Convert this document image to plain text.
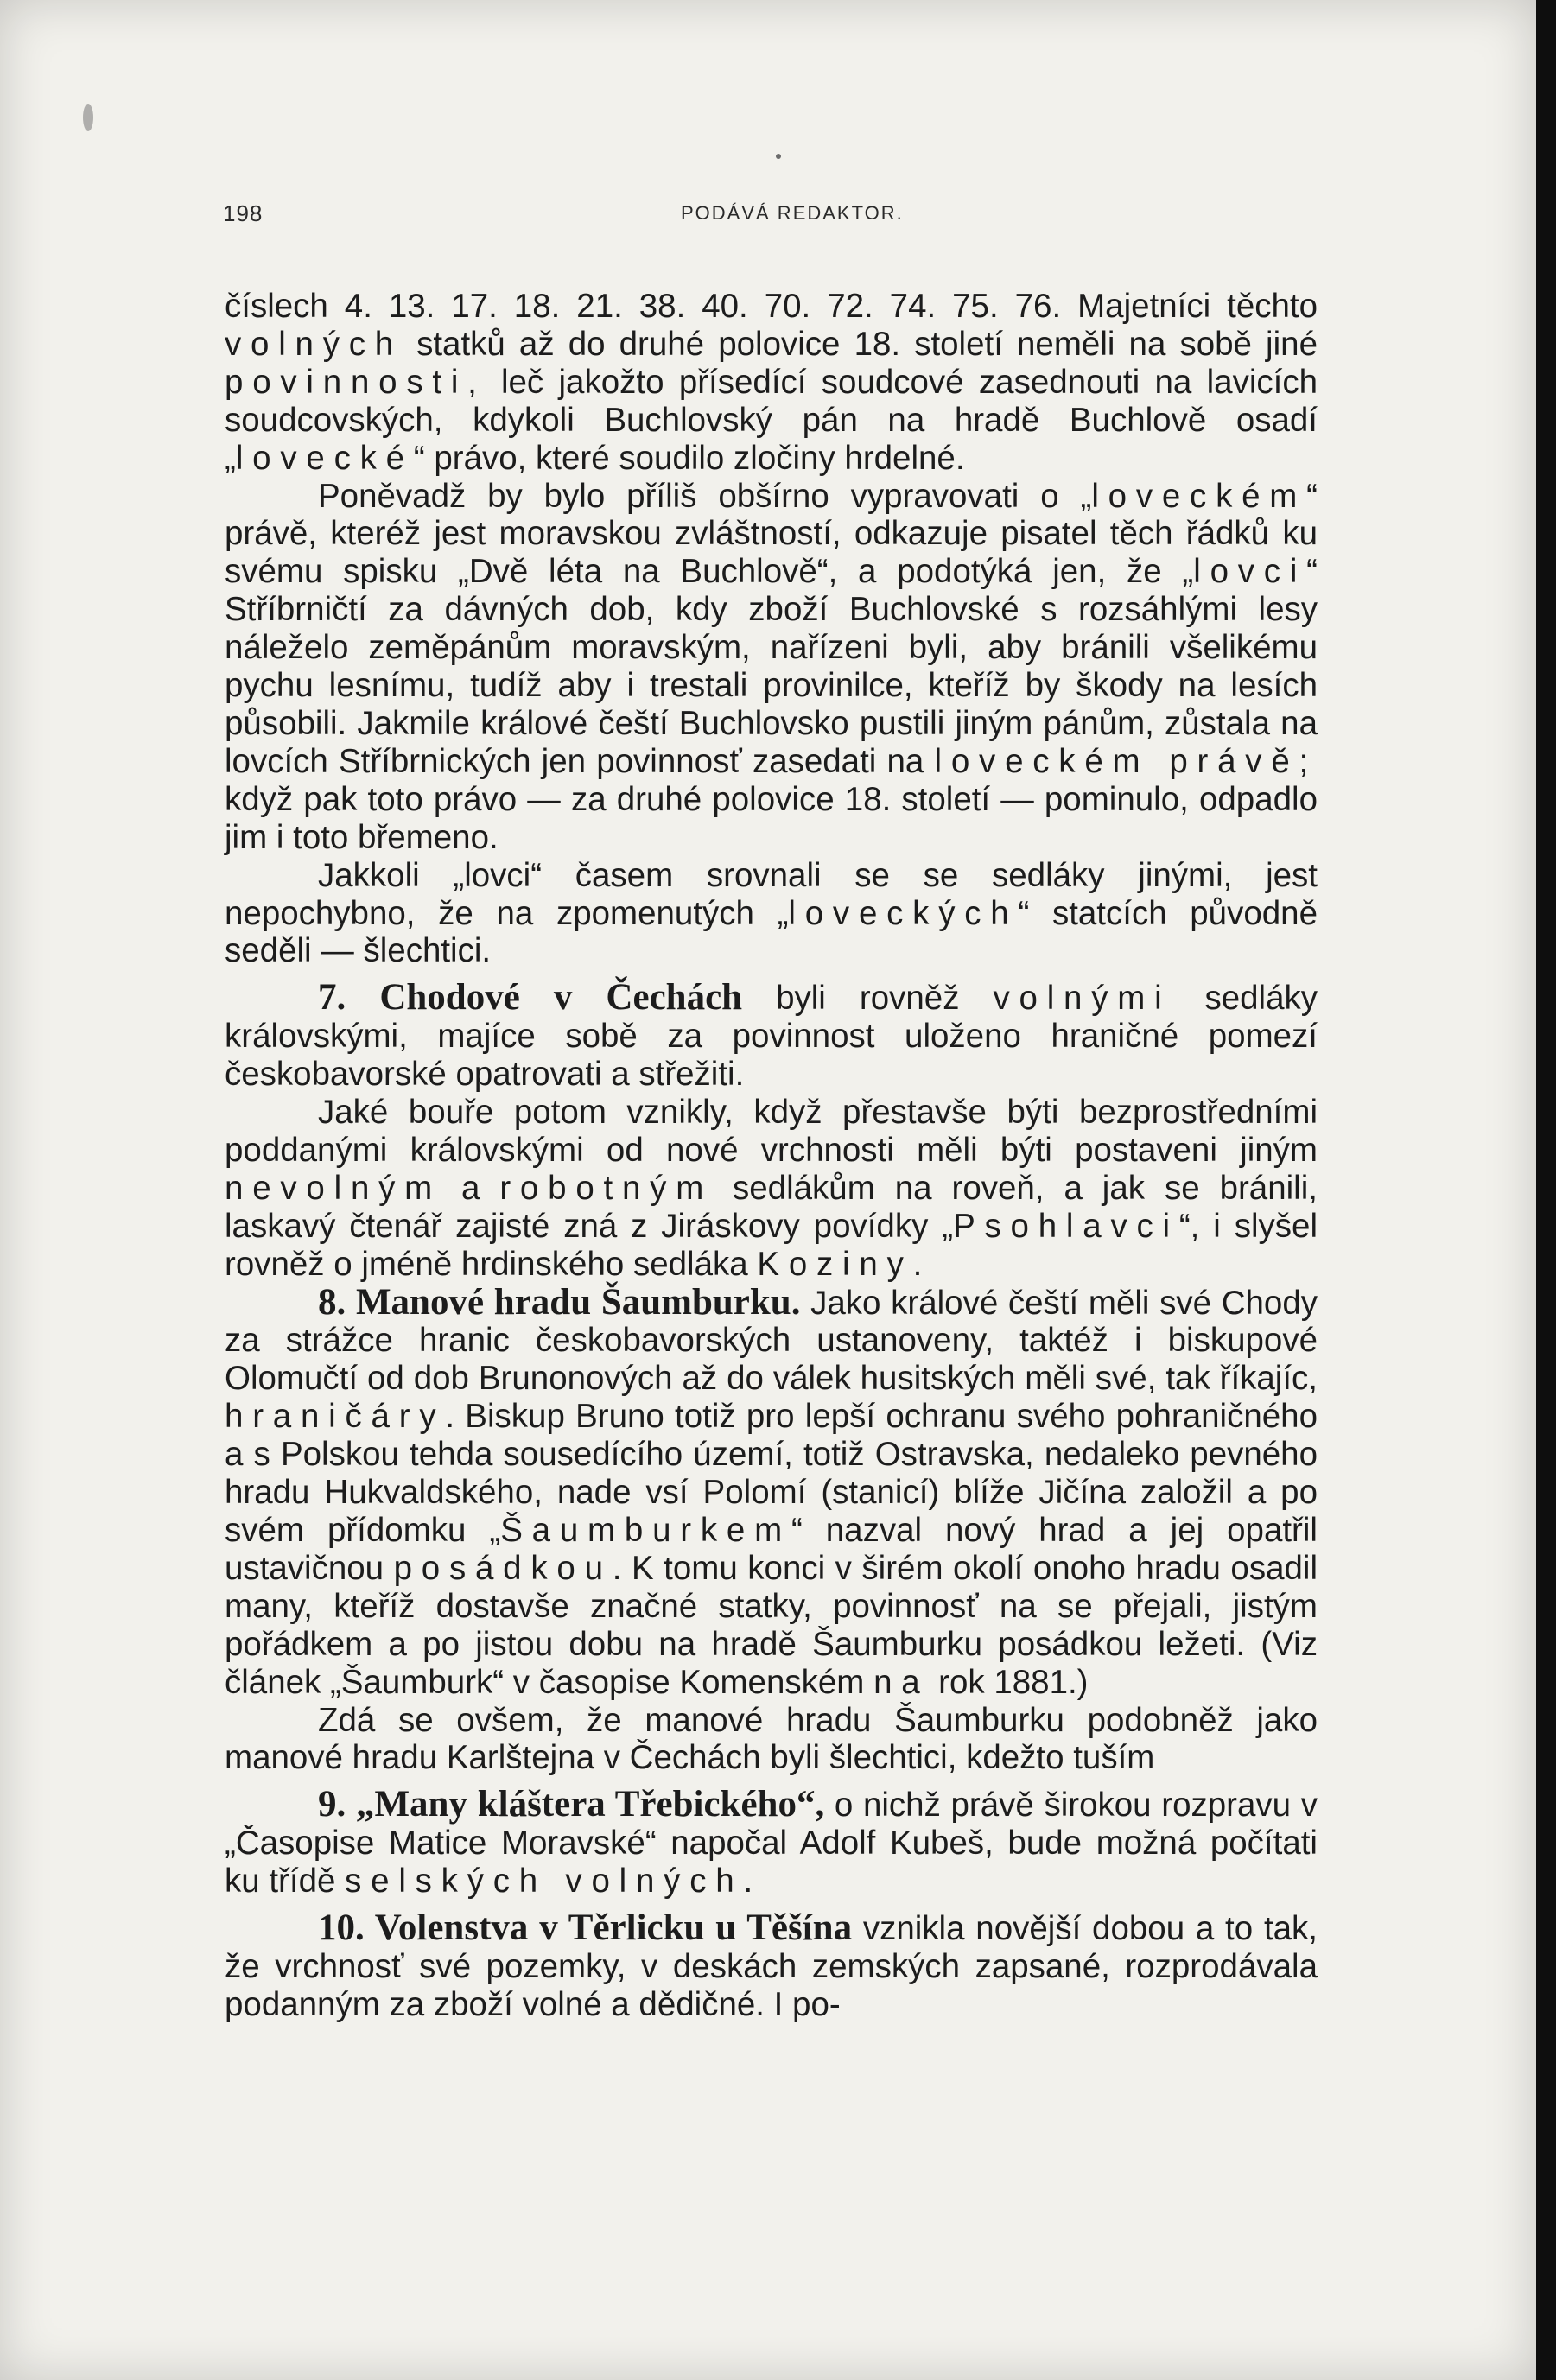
198	PODÁVÁ REDAKTOR.

číslech 4. 13. 17. 18. 21. 38. 40. 70. 72. 74. 75. 76. Majetníci těchto volných statků až do druhé polovice 18. století neměli na sobě jiné povinnosti, leč jakožto přísedící soudcové zasednouti na lavicích soudcovských, kdykoli Buchlovský pán na hradě Buchlově osadí „lovecké“ právo, které soudilo zločiny hrdelné.

Poněvadž by bylo příliš obšírno vypravovati o „loveckém“ právě, kteréž jest moravskou zvláštností, odkazuje pisatel těch řádků ku svému spisku „Dvě léta na Buchlově“, a podotýká jen, že „lovci“ Stříbrničtí za dávných dob, kdy zboží Buchlovské s rozsáhlými lesy náleželo zeměpánům moravským, nařízeni byli, aby bránili všelikému pychu lesnímu, tudíž aby i trestali provinilce, kteříž by škody na lesích působili. Jakmile králové čeští Buchlovsko pustili jiným pánům, zůstala na lovcích Stříbrnických jen povinnosť zasedati na loveckém právě; když pak toto právo — za druhé polovice 18. století — pominulo, odpadlo jim i toto břemeno.

Jakkoli „lovci“ časem srovnali se se sedláky jinými, jest nepochybno, že na zpomenutých „loveckých“ statcích původně seděli — šlechtici.

7. Chodové v Čechách byli rovněž volnými sedláky královskými, majíce sobě za povinnost uloženo hraničné pomezí českobavorské opatrovati a střežiti.

Jaké bouře potom vznikly, když přestavše býti bezprostředními poddanými královskými od nové vrchnosti měli býti postaveni jiným nevolným a robotným sedlákům na roveň, a jak se bránili, laskavý čtenář zajisté zná z Jiráskovy povídky „Psohlavci“, i slyšel rovněž o jméně hrdinského sedláka Koziny.

8. Manové hradu Šaumburku. Jako králové čeští měli své Chody za strážce hranic českobavorských ustanoveny, taktéž i biskupové Olomučtí od dob Brunonových až do válek husitských měli své, tak říkajíc, hraničáry. Biskup Bruno totiž pro lepší ochranu svého pohraničného a s Polskou tehda sousedícího území, totiž Ostravska, nedaleko pevného hradu Hukvaldského, nade vsí Polomí (stanicí) blíže Jičína založil a po svém přídomku „Šaumburkem“ nazval nový hrad a jej opatřil ustavičnou posádkou. K tomu konci v širém okolí onoho hradu osadil many, kteříž dostavše značné statky, povinnosť na se přejali, jistým pořádkem a po jistou dobu na hradě Šaumburku posádkou ležeti. (Viz článek „Šaumburk“ v časopise Komenském na rok 1881.)

Zdá se ovšem, že manové hradu Šaumburku podobněž jako manové hradu Karlštejna v Čechách byli šlechtici, kdežto tuším

9. „Many kláštera Třebického“, o nichž právě širokou rozpravu v „Časopise Matice Moravské“ napočal Adolf Kubeš, bude možná počítati ku třídě selských volných.

10. Volenstva v Těrlicku u Těšína vznikla novější dobou a to tak, že vrchnosť své pozemky, v deskách zemských zapsané, rozprodávala podanným za zboží volné a dědičné. I po-
